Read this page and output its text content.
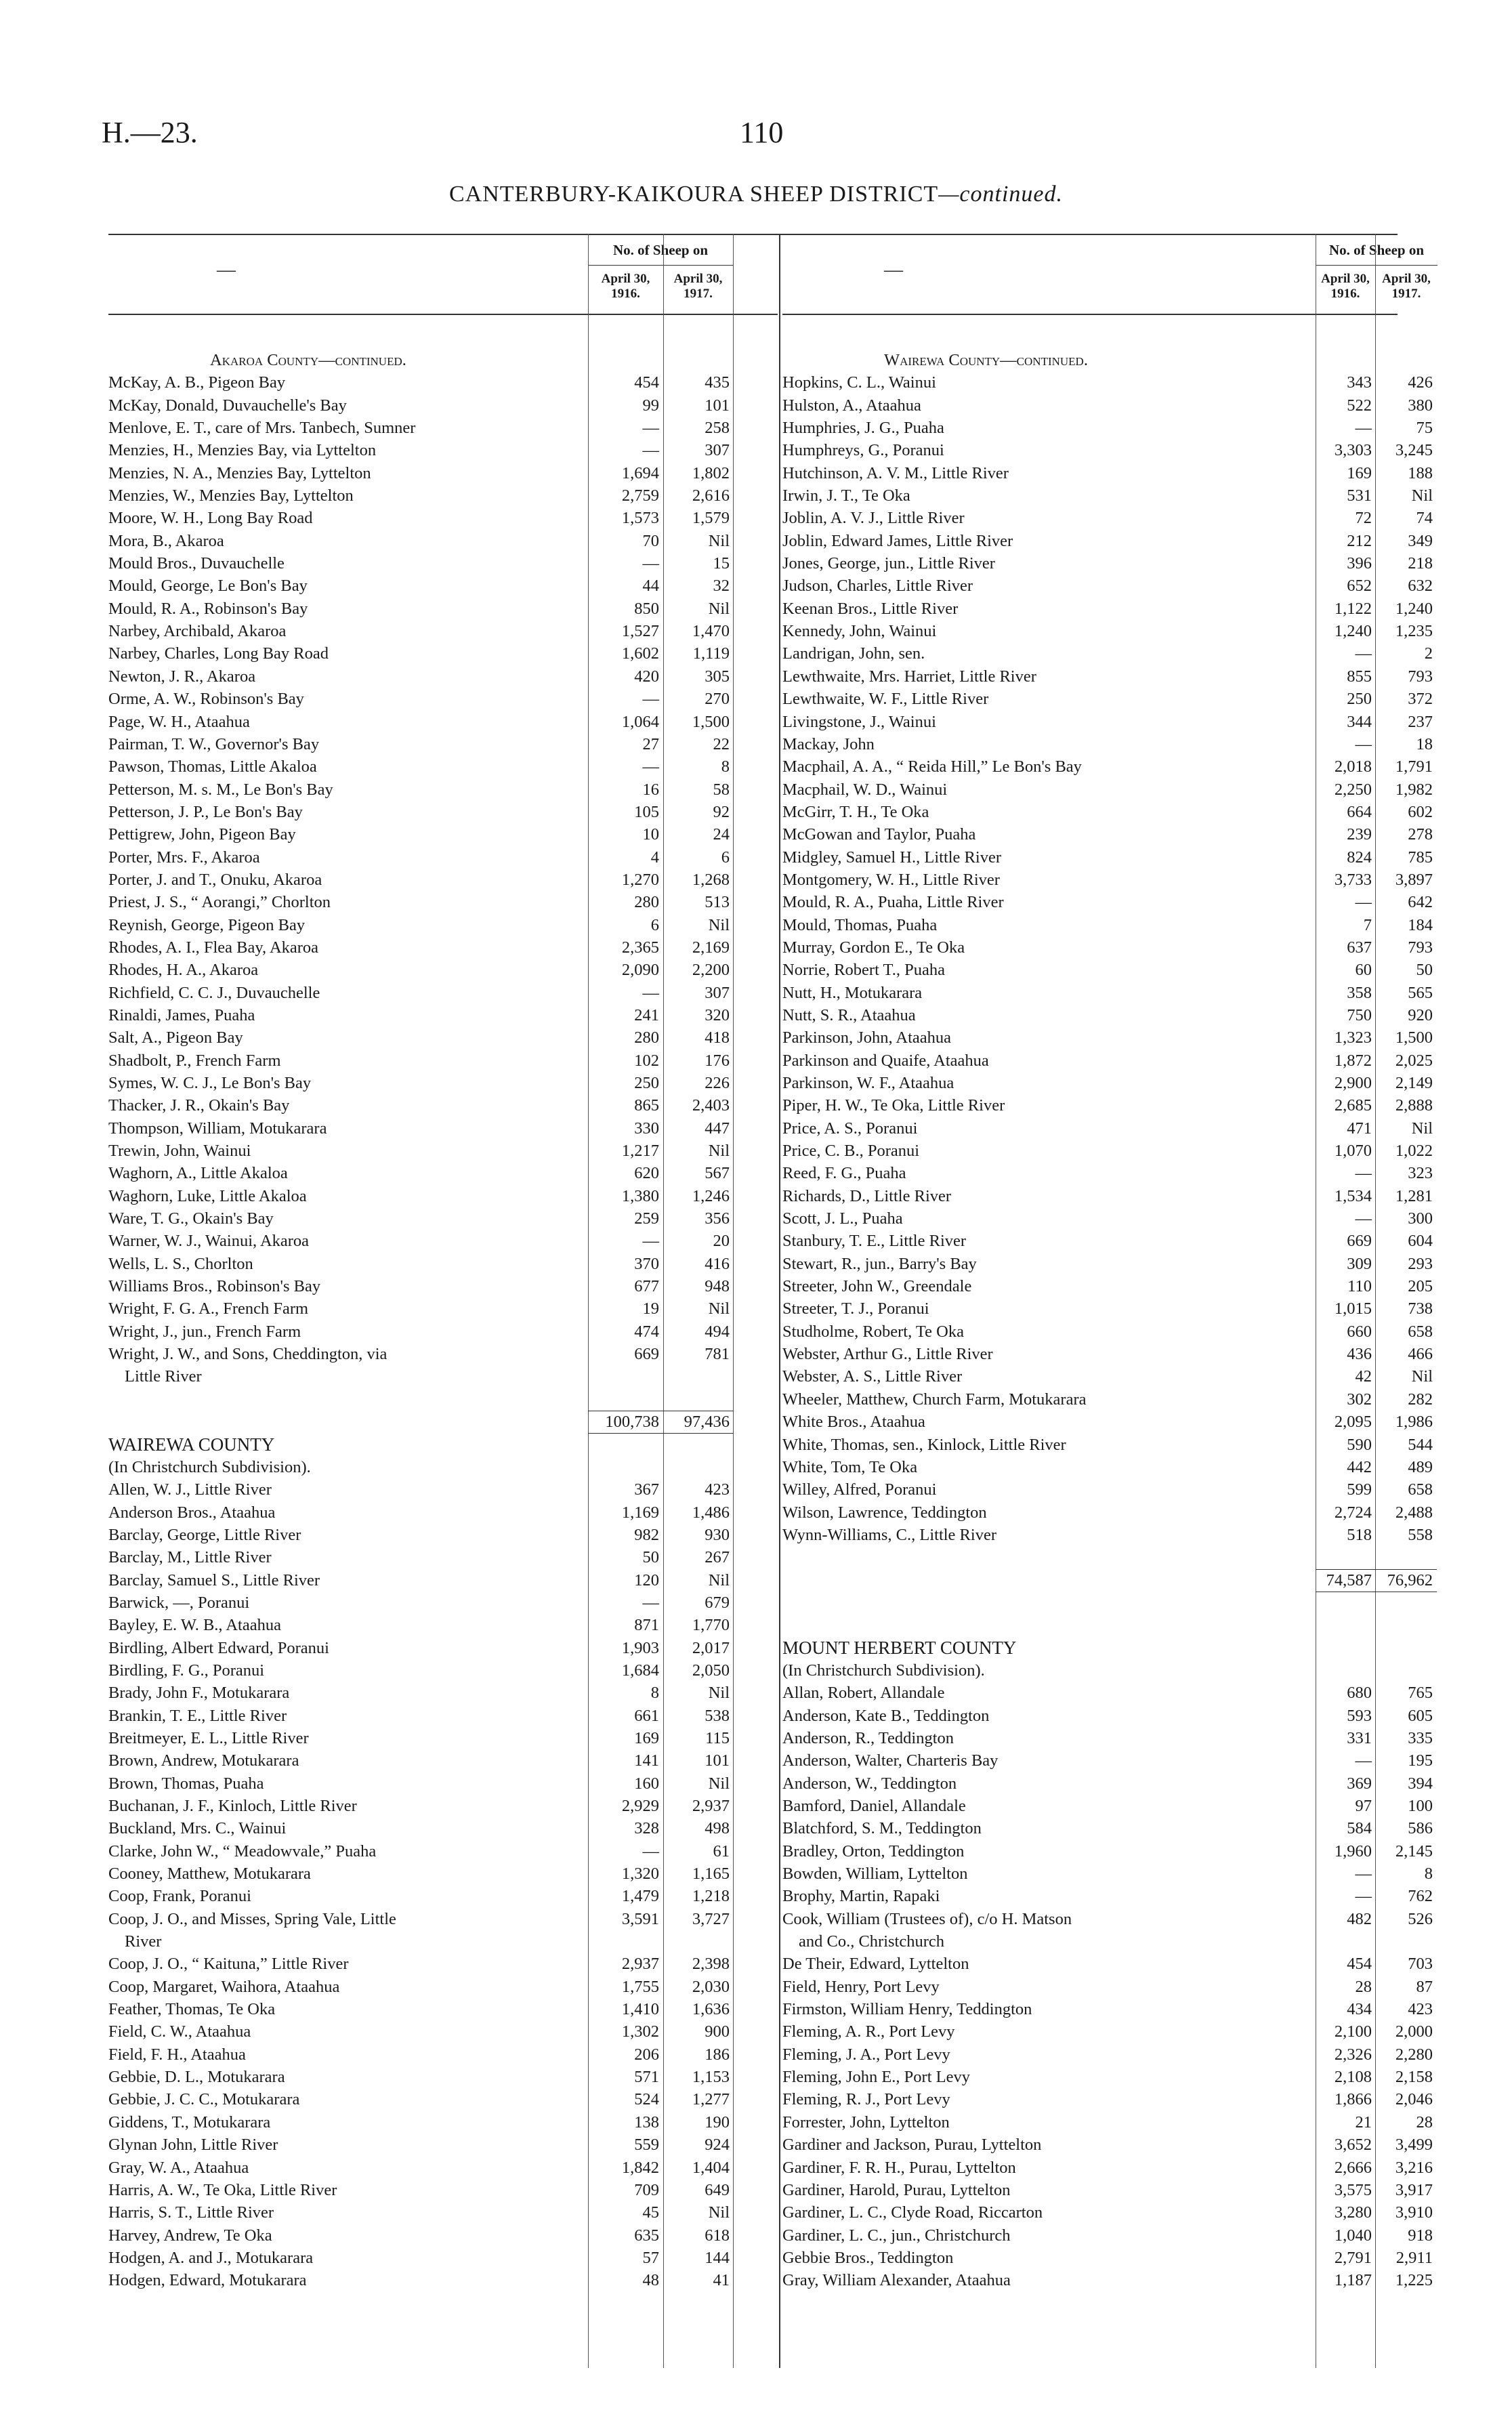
H.—23.	110
CANTERBURY-KAIKOURA SHEEP DISTRICT—continued.
—
No. of Sheep on
April 30,
1916.
April 30,
1917.
Akaroa County—continued.
McKay, A. B., Pigeon Bay	454	435
McKay, Donald, Duvauchelle's Bay	99	101
Menlove, E. T., care of Mrs. Tanbech, Sumner	—	258
Menzies, H., Menzies Bay, via Lyttelton	—	307
Menzies, N. A., Menzies Bay, Lyttelton	1,694	1,802
Menzies, W., Menzies Bay, Lyttelton	2,759	2,616
Moore, W. H., Long Bay Road	1,573	1,579
Mora, B., Akaroa	70	Nil
Mould Bros., Duvauchelle	—	15
Mould, George, Le Bon's Bay	44	32
Mould, R. A., Robinson's Bay	850	Nil
Narbey, Archibald, Akaroa	1,527	1,470
Narbey, Charles, Long Bay Road	1,602	1,119
Newton, J. R., Akaroa	420	305
Orme, A. W., Robinson's Bay	—	270
Page, W. H., Ataahua	1,064	1,500
Pairman, T. W., Governor's Bay	27	22
Pawson, Thomas, Little Akaloa	—	8
Petterson, M. s. M., Le Bon's Bay	16	58
Petterson, J. P., Le Bon's Bay	105	92
Pettigrew, John, Pigeon Bay	10	24
Porter, Mrs. F., Akaroa	4	6
Porter, J. and T., Onuku, Akaroa	1,270	1,268
Priest, J. S., “ Aorangi,” Chorlton	280	513
Reynish, George, Pigeon Bay	6	Nil
Rhodes, A. I., Flea Bay, Akaroa	2,365	2,169
Rhodes, H. A., Akaroa	2,090	2,200
Richfield, C. C. J., Duvauchelle	—	307
Rinaldi, James, Puaha	241	320
Salt, A., Pigeon Bay	280	418
Shadbolt, P., French Farm	102	176
Symes, W. C. J., Le Bon's Bay	250	226
Thacker, J. R., Okain's Bay	865	2,403
Thompson, William, Motukarara	330	447
Trewin, John, Wainui	1,217	Nil
Waghorn, A., Little Akaloa	620	567
Waghorn, Luke, Little Akaloa	1,380	1,246
Ware, T. G., Okain's Bay	259	356
Warner, W. J., Wainui, Akaroa	—	20
Wells, L. S., Chorlton	370	416
Williams Bros., Robinson's Bay	677	948
Wright, F. G. A., French Farm	19	Nil
Wright, J., jun., French Farm	474	494
Wright, J. W., and Sons, Cheddington, via	669	781
Little River
100,738	97,436
WAIREWA COUNTY
(In Christchurch Subdivision).
Allen, W. J., Little River	367	423
Anderson Bros., Ataahua	1,169	1,486
Barclay, George, Little River	982	930
Barclay, M., Little River	50	267
Barclay, Samuel S., Little River	120	Nil
Barwick, —, Poranui	—	679
Bayley, E. W. B., Ataahua	871	1,770
Birdling, Albert Edward, Poranui	1,903	2,017
Birdling, F. G., Poranui	1,684	2,050
Brady, John F., Motukarara	8	Nil
Brankin, T. E., Little River	661	538
Breitmeyer, E. L., Little River	169	115
Brown, Andrew, Motukarara	141	101
Brown, Thomas, Puaha	160	Nil
Buchanan, J. F., Kinloch, Little River	2,929	2,937
Buckland, Mrs. C., Wainui	328	498
Clarke, John W., “ Meadowvale,” Puaha	—	61
Cooney, Matthew, Motukarara	1,320	1,165
Coop, Frank, Poranui	1,479	1,218
Coop, J. O., and Misses, Spring Vale, Little	3,591	3,727
River
Coop, J. O., “ Kaituna,” Little River	2,937	2,398
Coop, Margaret, Waihora, Ataahua	1,755	2,030
Feather, Thomas, Te Oka	1,410	1,636
Field, C. W., Ataahua	1,302	900
Field, F. H., Ataahua	206	186
Gebbie, D. L., Motukarara	571	1,153
Gebbie, J. C. C., Motukarara	524	1,277
Giddens, T., Motukarara	138	190
Glynan John, Little River	559	924
Gray, W. A., Ataahua	1,842	1,404
Harris, A. W., Te Oka, Little River	709	649
Harris, S. T., Little River	45	Nil
Harvey, Andrew, Te Oka	635	618
Hodgen, A. and J., Motukarara	57	144
Hodgen, Edward, Motukarara	48	41
—
No. of Sheep on
April 30,
1916.
April 30,
1917.
Wairewa County—continued.
Hopkins, C. L., Wainui	343	426
Hulston, A., Ataahua	522	380
Humphries, J. G., Puaha	—	75
Humphreys, G., Poranui	3,303	3,245
Hutchinson, A. V. M., Little River	169	188
Irwin, J. T., Te Oka	531	Nil
Joblin, A. V. J., Little River	72	74
Joblin, Edward James, Little River	212	349
Jones, George, jun., Little River	396	218
Judson, Charles, Little River	652	632
Keenan Bros., Little River	1,122	1,240
Kennedy, John, Wainui	1,240	1,235
Landrigan, John, sen.	—	2
Lewthwaite, Mrs. Harriet, Little River	855	793
Lewthwaite, W. F., Little River	250	372
Livingstone, J., Wainui	344	237
Mackay, John	—	18
Macphail, A. A., “ Reida Hill,” Le Bon's Bay	2,018	1,791
Macphail, W. D., Wainui	2,250	1,982
McGirr, T. H., Te Oka	664	602
McGowan and Taylor, Puaha	239	278
Midgley, Samuel H., Little River	824	785
Montgomery, W. H., Little River	3,733	3,897
Mould, R. A., Puaha, Little River	—	642
Mould, Thomas, Puaha	7	184
Murray, Gordon E., Te Oka	637	793
Norrie, Robert T., Puaha	60	50
Nutt, H., Motukarara	358	565
Nutt, S. R., Ataahua	750	920
Parkinson, John, Ataahua	1,323	1,500
Parkinson and Quaife, Ataahua	1,872	2,025
Parkinson, W. F., Ataahua	2,900	2,149
Piper, H. W., Te Oka, Little River	2,685	2,888
Price, A. S., Poranui	471	Nil
Price, C. B., Poranui	1,070	1,022
Reed, F. G., Puaha	—	323
Richards, D., Little River	1,534	1,281
Scott, J. L., Puaha	—	300
Stanbury, T. E., Little River	669	604
Stewart, R., jun., Barry's Bay	309	293
Streeter, John W., Greendale	110	205
Streeter, T. J., Poranui	1,015	738
Studholme, Robert, Te Oka	660	658
Webster, Arthur G., Little River	436	466
Webster, A. S., Little River	42	Nil
Wheeler, Matthew, Church Farm, Motukarara	302	282
White Bros., Ataahua	2,095	1,986
White, Thomas, sen., Kinlock, Little River	590	544
White, Tom, Te Oka	442	489
Willey, Alfred, Poranui	599	658
Wilson, Lawrence, Teddington	2,724	2,488
Wynn-Williams, C., Little River	518	558
74,587 76,962
MOUNT HERBERT COUNTY
(In Christchurch Subdivision).
Allan, Robert, Allandale	680	765
Anderson, Kate B., Teddington	593	605
Anderson, R., Teddington	331	335
Anderson, Walter, Charteris Bay	—	195
Anderson, W., Teddington	369	394
Bamford, Daniel, Allandale	97	100
Blatchford, S. M., Teddington	584	586
Bradley, Orton, Teddington	1,960	2,145
Bowden, William, Lyttelton	—	8
Brophy, Martin, Rapaki	—	762
Cook, William (Trustees of), c/o H. Matson	482	526
and Co., Christchurch
De Their, Edward, Lyttelton	454	703
Field, Henry, Port Levy	28	87
Firmston, William Henry, Teddington	434	423
Fleming, A. R., Port Levy	2,100	2,000
Fleming, J. A., Port Levy	2,326	2,280
Fleming, John E., Port Levy	2,108	2,158
Fleming, R. J., Port Levy	1,866	2,046
Forrester, John, Lyttelton	21	28
Gardiner and Jackson, Purau, Lyttelton	3,652	3,499
Gardiner, F. R. H., Purau, Lyttelton	2,666	3,216
Gardiner, Harold, Purau, Lyttelton	3,575	3,917
Gardiner, L. C., Clyde Road, Riccarton	3,280	3,910
Gardiner, L. C., jun., Christchurch	1,040	918
Gebbie Bros., Teddington	2,791	2,911
Gray, William Alexander, Ataahua	1,187	1,225
